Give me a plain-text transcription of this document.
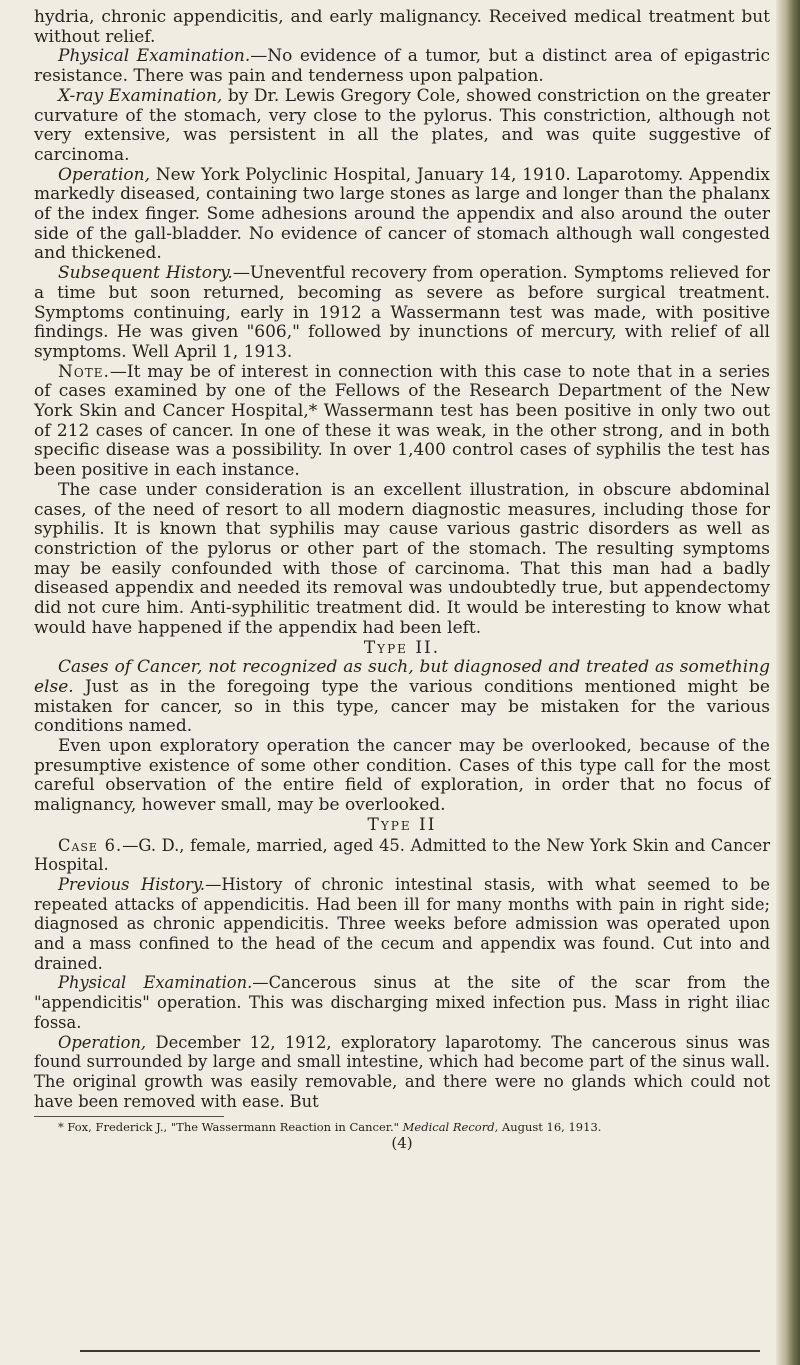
hydria, chronic appendicitis, and early malignancy. Received medical treatment but without relief.

Physical Examination.—No evidence of a tumor, but a distinct area of epigastric resistance. There was pain and tenderness upon palpation.

X-ray Examination, by Dr. Lewis Gregory Cole, showed constriction on the greater curvature of the stomach, very close to the pylorus. This constriction, although not very extensive, was persistent in all the plates, and was quite suggestive of carcinoma.

Operation, New York Polyclinic Hospital, January 14, 1910. Laparotomy. Appendix markedly diseased, containing two large stones as large and longer than the phalanx of the index finger. Some adhesions around the appendix and also around the outer side of the gall-bladder. No evidence of cancer of stomach although wall congested and thickened.

Subsequent History.—Uneventful recovery from operation. Symptoms relieved for a time but soon returned, becoming as severe as before surgical treatment. Symptoms continuing, early in 1912 a Wassermann test was made, with positive findings. He was given "606," followed by inunctions of mercury, with relief of all symptoms. Well April 1, 1913.

Note.—It may be of interest in connection with this case to note that in a series of cases examined by one of the Fellows of the Research Department of the New York Skin and Cancer Hospital,* Wassermann test has been positive in only two out of 212 cases of cancer. In one of these it was weak, in the other strong, and in both specific disease was a possibility. In over 1,400 control cases of syphilis the test has been positive in each instance.

The case under consideration is an excellent illustration, in obscure abdominal cases, of the need of resort to all modern diagnostic measures, including those for syphilis. It is known that syphilis may cause various gastric disorders as well as constriction of the pylorus or other part of the stomach. The resulting symptoms may be easily confounded with those of carcinoma. That this man had a badly diseased appendix and needed its removal was undoubtedly true, but appendectomy did not cure him. Anti-syphilitic treatment did. It would be interesting to know what would have happened if the appendix had been left.

Type II.

Cases of Cancer, not recognized as such, but diagnosed and treated as something else. Just as in the foregoing type the various conditions mentioned might be mistaken for cancer, so in this type, cancer may be mistaken for the various conditions named.

Even upon exploratory operation the cancer may be overlooked, because of the presumptive existence of some other condition. Cases of this type call for the most careful observation of the entire field of exploration, in order that no focus of malignancy, however small, may be overlooked.

Type II

Case 6.—G. D., female, married, aged 45. Admitted to the New York Skin and Cancer Hospital.

Previous History.—History of chronic intestinal stasis, with what seemed to be repeated attacks of appendicitis. Had been ill for many months with pain in right side; diagnosed as chronic appendicitis. Three weeks before admission was operated upon and a mass confined to the head of the cecum and appendix was found. Cut into and drained.

Physical Examination.—Cancerous sinus at the site of the scar from the "appendicitis" operation. This was discharging mixed infection pus. Mass in right iliac fossa.

Operation, December 12, 1912, exploratory laparotomy. The cancerous sinus was found surrounded by large and small intestine, which had become part of the sinus wall. The original growth was easily removable, and there were no glands which could not have been removed with ease. But

* Fox, Frederick J., "The Wassermann Reaction in Cancer." Medical Record, August 16, 1913.

(4)
